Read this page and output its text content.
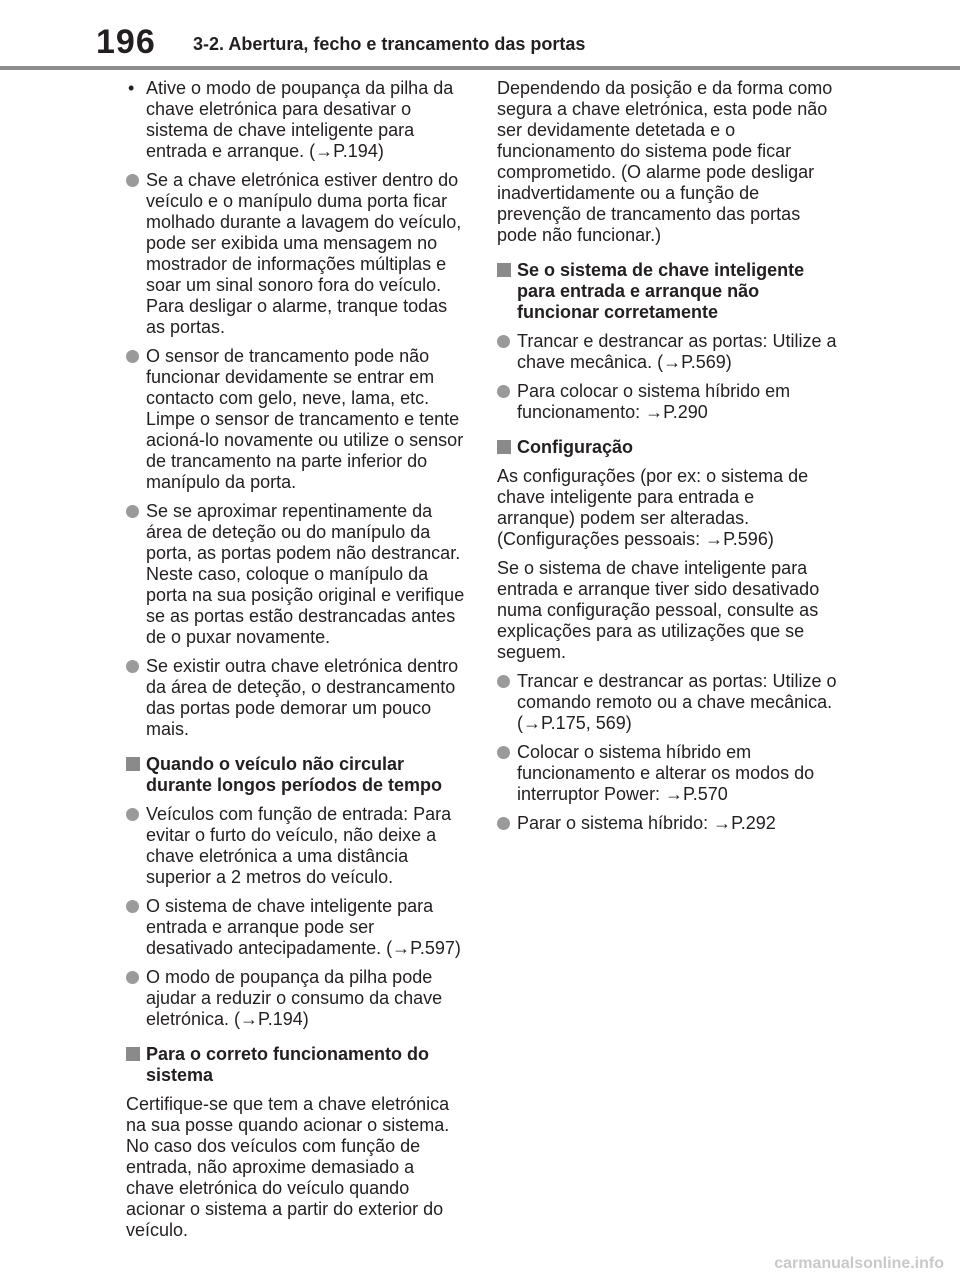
196 3-2. Abertura, fecho e trancamento das portas
• Ative o modo de poupança da pilha da chave eletrónica para desativar o sistema de chave inteligente para entrada e arranque. (→P.194)
Se a chave eletrónica estiver dentro do veículo e o manípulo duma porta ficar molhado durante a lavagem do veículo, pode ser exibida uma mensagem no mostrador de informações múltiplas e soar um sinal sonoro fora do veículo. Para desligar o alarme, tranque todas as portas.
O sensor de trancamento pode não funcionar devidamente se entrar em contacto com gelo, neve, lama, etc. Limpe o sensor de trancamento e tente acioná-lo novamente ou utilize o sensor de trancamento na parte inferior do manípulo da porta.
Se se aproximar repentinamente da área de deteção ou do manípulo da porta, as portas podem não destrancar. Neste caso, coloque o manípulo da porta na sua posição original e verifique se as portas estão destrancadas antes de o puxar novamente.
Se existir outra chave eletrónica dentro da área de deteção, o destrancamento das portas pode demorar um pouco mais.
Quando o veículo não circular durante longos períodos de tempo
Veículos com função de entrada: Para evitar o furto do veículo, não deixe a chave eletrónica a uma distância superior a 2 metros do veículo.
O sistema de chave inteligente para entrada e arranque pode ser desativado antecipadamente. (→P.597)
O modo de poupança da pilha pode ajudar a reduzir o consumo da chave eletrónica. (→P.194)
Para o correto funcionamento do sistema

Certifique-se que tem a chave eletrónica na sua posse quando acionar o sistema. No caso dos veículos com função de entrada, não aproxime demasiado a chave eletrónica do veículo quando acionar o sistema a partir do exterior do veículo.

Dependendo da posição e da forma como segura a chave eletrónica, esta pode não ser devidamente detetada e o funcionamento do sistema pode ficar comprometido. (O alarme pode desligar inadvertidamente ou a função de prevenção de trancamento das portas pode não funcionar.)

Se o sistema de chave inteligente para entrada e arranque não funcionar corretamente
Trancar e destrancar as portas: Utilize a chave mecânica. (→P.569)
Para colocar o sistema híbrido em funcionamento: →P.290
Configuração

As configurações (por ex: o sistema de chave inteligente para entrada e arranque) podem ser alteradas. (Configurações pessoais: →P.596)

Se o sistema de chave inteligente para entrada e arranque tiver sido desativado numa configuração pessoal, consulte as explicações para as utilizações que se seguem.

Trancar e destrancar as portas: Utilize o comando remoto ou a chave mecânica. (→P.175, 569)
Colocar o sistema híbrido em funcionamento e alterar os modos do interruptor Power: →P.570
Parar o sistema híbrido: →P.292
carmanualsonline.info
